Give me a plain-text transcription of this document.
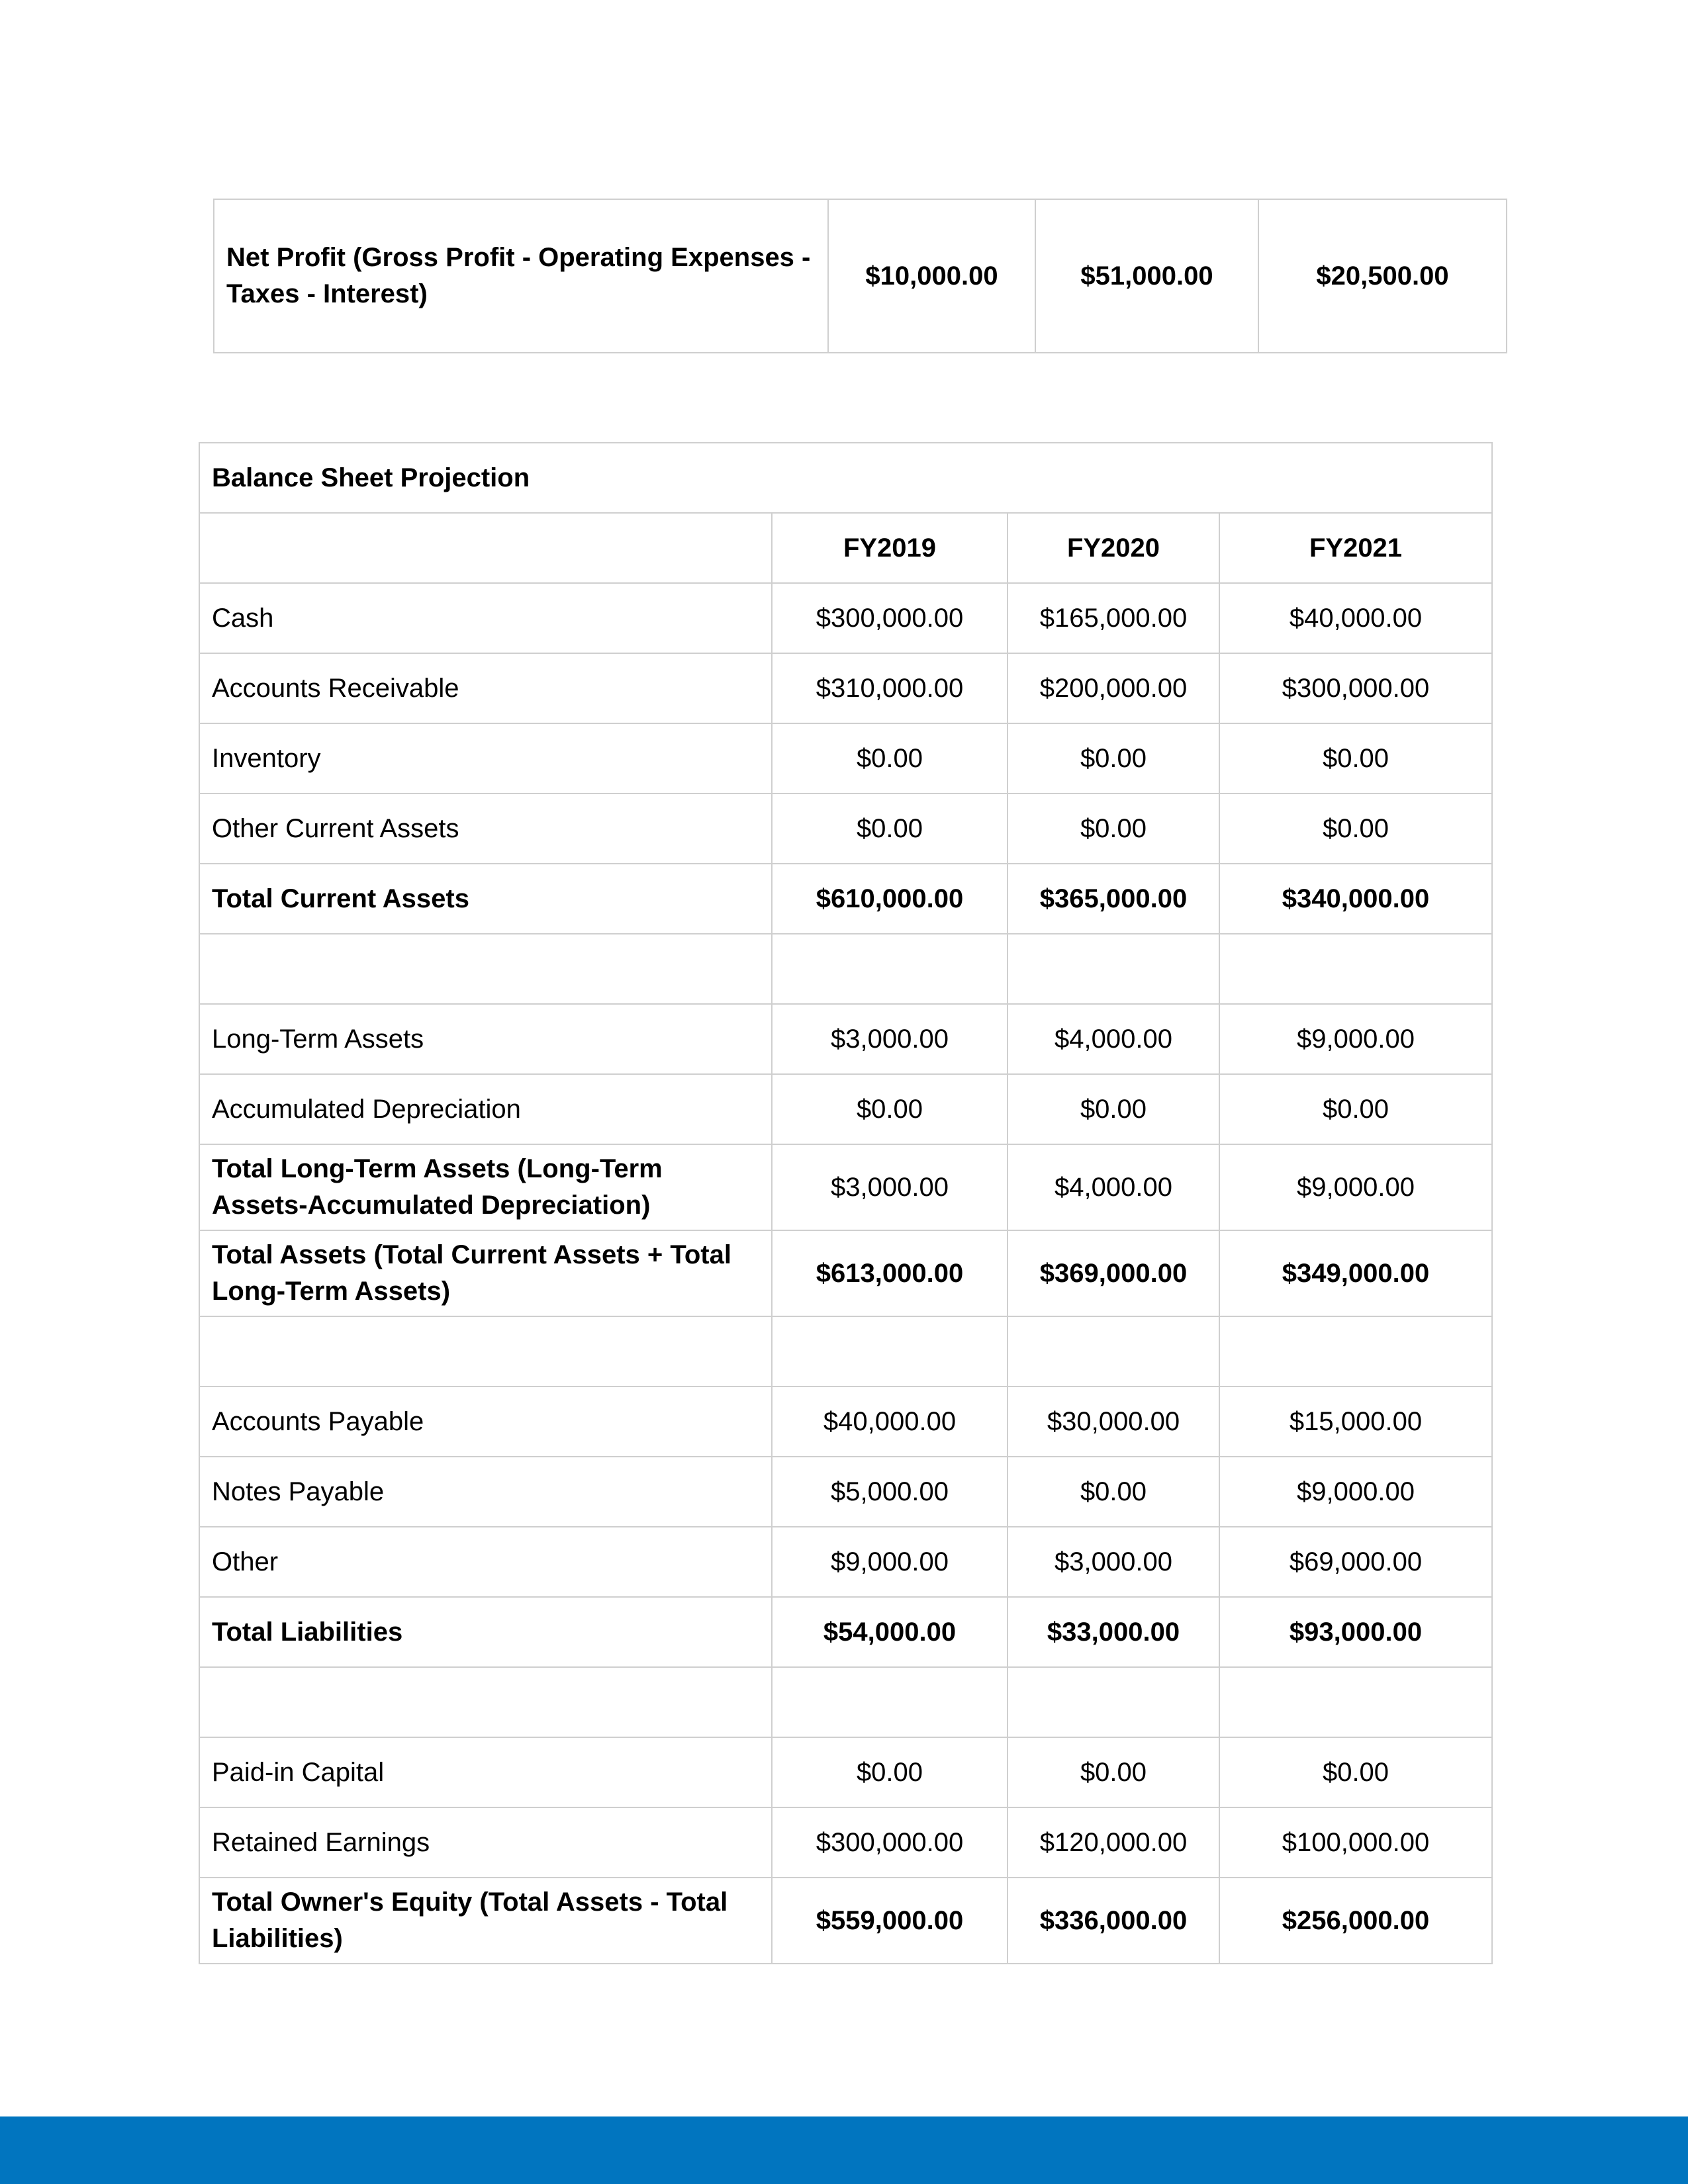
Net Profit (Gross Profit - Operating Expenses - Taxes - Interest)	$10,000.00	$51,000.00	$20,500.00
Balance Sheet Projection			
	FY2019	FY2020	FY2021
Cash	$300,000.00	$165,000.00	$40,000.00
Accounts Receivable	$310,000.00	$200,000.00	$300,000.00
Inventory	$0.00	$0.00	$0.00
Other Current Assets	$0.00	$0.00	$0.00
Total Current Assets	$610,000.00	$365,000.00	$340,000.00

Long-Term Assets	$3,000.00	$4,000.00	$9,000.00
Accumulated Depreciation	$0.00	$0.00	$0.00
Total Long-Term Assets (Long-Term Assets-Accumulated Depreciation)	$3,000.00	$4,000.00	$9,000.00
Total Assets (Total Current Assets + Total Long-Term Assets)	$613,000.00	$369,000.00	$349,000.00

Accounts Payable	$40,000.00	$30,000.00	$15,000.00
Notes Payable	$5,000.00	$0.00	$9,000.00
Other	$9,000.00	$3,000.00	$69,000.00
Total Liabilities	$54,000.00	$33,000.00	$93,000.00

Paid-in Capital	$0.00	$0.00	$0.00
Retained Earnings	$300,000.00	$120,000.00	$100,000.00
Total Owner's Equity (Total Assets - Total Liabilities)	$559,000.00	$336,000.00	$256,000.00
